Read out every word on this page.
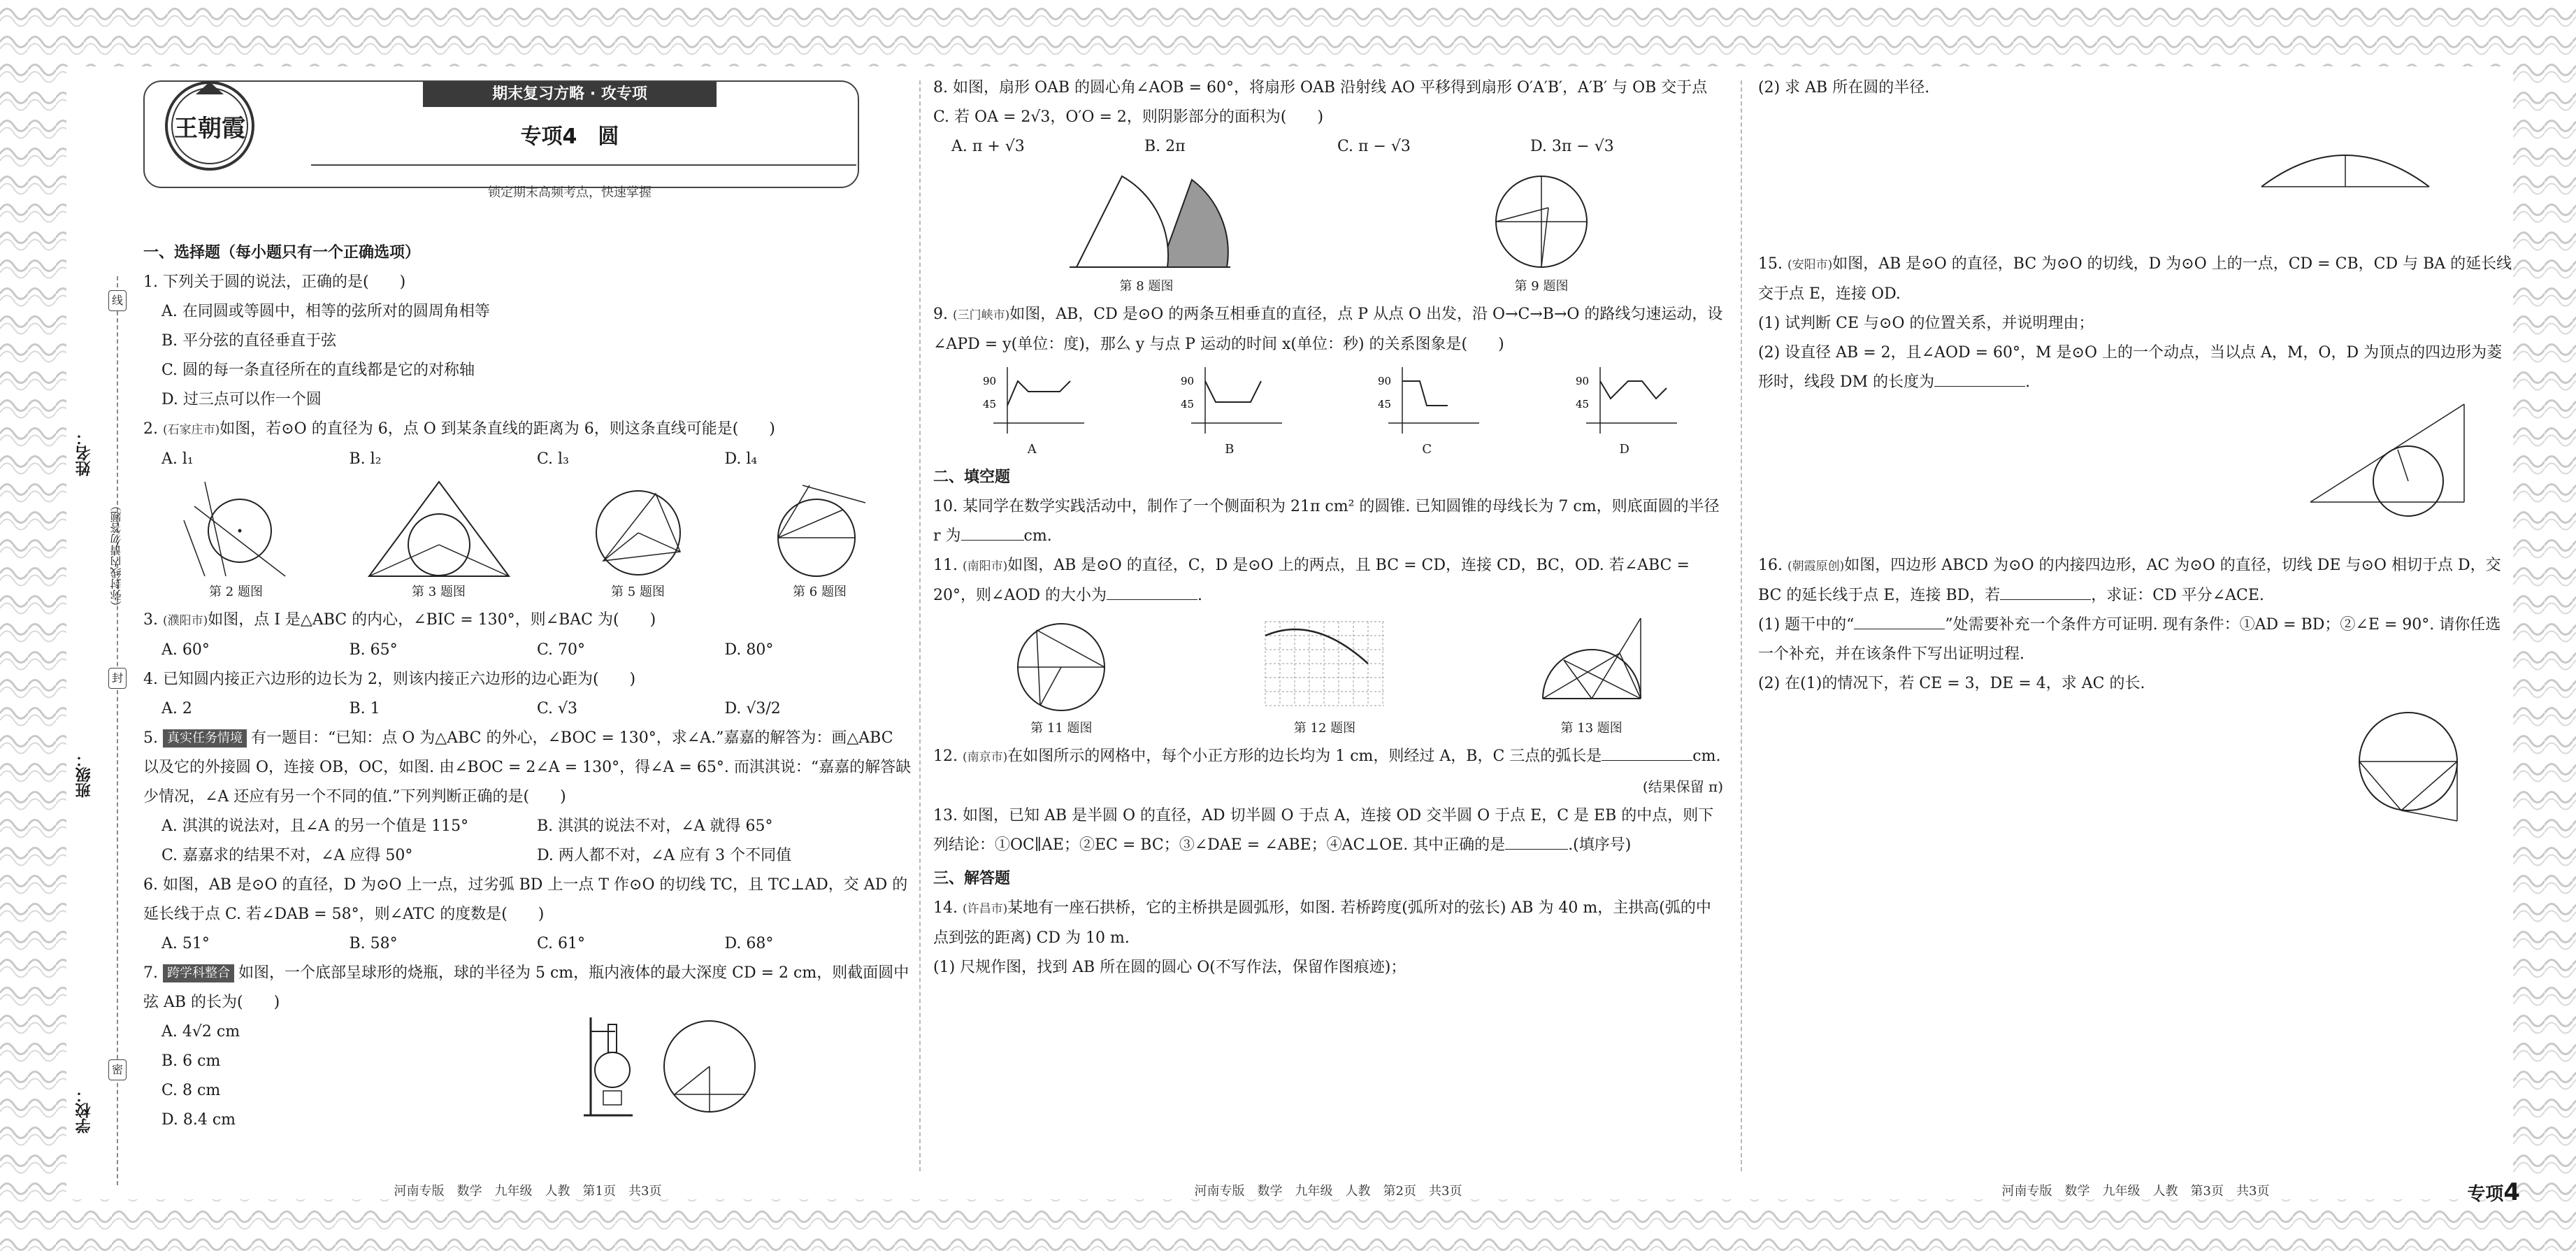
线
封
密
姓名：
（弥封线内请勿答题）
班级：
学校：
王朝霞
期末复习方略 · 攻专项
专项4　圆
锁定期末高频考点，快速掌握

一、选择题（每小题只有一个正确选项）

1. 下列关于圆的说法，正确的是(　　)

A. 在同圆或等圆中，相等的弦所对的圆周角相等

B. 平分弦的直径垂直于弦

C. 圆的每一条直径所在的直线都是它的对称轴

D. 过三点可以作一个圆

2. (石家庄市)如图，若⊙O 的直径为 6，点 O 到某条直线的距离为 6，则这条直线可能是(　　)

A. l₁	B. l₂	C. l₃	D. l₄
第 2 题图	第 3 题图	第 5 题图	第 6 题图

3. (濮阳市)如图，点 I 是△ABC 的内心，∠BIC = 130°，则∠BAC 为(　　)

A. 60°	B. 65°	C. 70°	D. 80°

4. 已知圆内接正六边形的边长为 2，则该内接正六边形的边心距为(　　)

A. 2	B. 1	C. √3	D. √3/2

5. 真实任务情境 有一题目：“已知：点 O 为△ABC 的外心，∠BOC = 130°，求∠A.”嘉嘉的解答为：画△ABC 以及它的外接圆 O，连接 OB，OC，如图. 由∠BOC = 2∠A = 130°，得∠A = 65°. 而淇淇说：“嘉嘉的解答缺少情况，∠A 还应有另一个不同的值.”下列判断正确的是(　　)

A. 淇淇的说法对，且∠A 的另一个值是 115°	B. 淇淇的说法不对，∠A 就得 65°
C. 嘉嘉求的结果不对，∠A 应得 50°	D. 两人都不对，∠A 应有 3 个不同值

6. 如图，AB 是⊙O 的直径，D 为⊙O 上一点，过劣弧 BD 上一点 T 作⊙O 的切线 TC，且 TC⊥AD，交 AD 的延长线于点 C. 若∠DAB = 58°，则∠ATC 的度数是(　　)

A. 51°	B. 58°	C. 61°	D. 68°

7. 跨学科整合 如图，一个底部呈球形的烧瓶，球的半径为 5 cm，瓶内液体的最大深度 CD = 2 cm，则截面圆中弦 AB 的长为(　　)

A. 4√2 cm

B. 6 cm

C. 8 cm

D. 8.4 cm

河南专版　数学　九年级　人教　第1页　共3页

8. 如图，扇形 OAB 的圆心角∠AOB = 60°，将扇形 OAB 沿射线 AO 平移得到扇形 O′A′B′，A′B′ 与 OB 交于点 C. 若 OA = 2√3，O′O = 2，则阴影部分的面积为(　　)

A. π + √3	B. 2π	C. π − √3	D. 3π − √3
第 8 题图	第 9 题图

9. (三门峡市)如图，AB，CD 是⊙O 的两条互相垂直的直径，点 P 从点 O 出发，沿 O→C→B→O 的路线匀速运动，设∠APD = y(单位：度)，那么 y 与点 P 运动的时间 x(单位：秒) 的关系图象是(　　)

90
45
A
90
45
B
90
45
C
90
45
D

二、填空题

10. 某同学在数学实践活动中，制作了一个侧面积为 21π cm² 的圆锥. 已知圆锥的母线长为 7 cm，则底面圆的半径 r 为	cm.

11. (南阳市)如图，AB 是⊙O 的直径，C，D 是⊙O 上的两点，且 BC = CD，连接 CD，BC，OD. 若∠ABC = 20°，则∠AOD 的大小为	.

第 11 题图	第 12 题图	第 13 题图

12. (南京市)在如图所示的网格中，每个小正方形的边长均为 1 cm，则经过 A，B，C 三点的弧长是	cm.

(结果保留 π)

13. 如图，已知 AB 是半圆 O 的直径，AD 切半圆 O 于点 A，连接 OD 交半圆 O 于点 E，C 是 EB 的中点，则下列结论：①OC∥AE；②EC = BC；③∠DAE = ∠ABE；④AC⊥OE. 其中正确的是	.(填序号)

三、解答题

14. (许昌市)某地有一座石拱桥，它的主桥拱是圆弧形，如图. 若桥跨度(弧所对的弦长) AB 为 40 m，主拱高(弧的中点到弦的距离) CD 为 10 m.

(1) 尺规作图，找到 AB 所在圆的圆心 O(不写作法，保留作图痕迹)；

河南专版　数学　九年级　人教　第2页　共3页

(2) 求 AB 所在圆的半径.

15. (安阳市)如图，AB 是⊙O 的直径，BC 为⊙O 的切线，D 为⊙O 上的一点，CD = CB，CD 与 BA 的延长线交于点 E，连接 OD.

(1) 试判断 CE 与⊙O 的位置关系，并说明理由；

(2) 设直径 AB = 2，且∠AOD = 60°，M 是⊙O 上的一个动点，当以点 A，M，O，D 为顶点的四边形为菱形时，线段 DM 的长度为	.

16. (朝霞原创)如图，四边形 ABCD 为⊙O 的内接四边形，AC 为⊙O 的直径，切线 DE 与⊙O 相切于点 D，交 BC 的延长线于点 E，连接 BD，若	，求证：CD 平分∠ACE.

(1) 题干中的“	”处需要补充一个条件方可证明. 现有条件：①AD = BD；②∠E = 90°. 请你任选一个补充，并在该条件下写出证明过程.

(2) 在(1)的情况下，若 CE = 3，DE = 4，求 AC 的长.

河南专版　数学　九年级　人教　第3页　共3页	专项4
